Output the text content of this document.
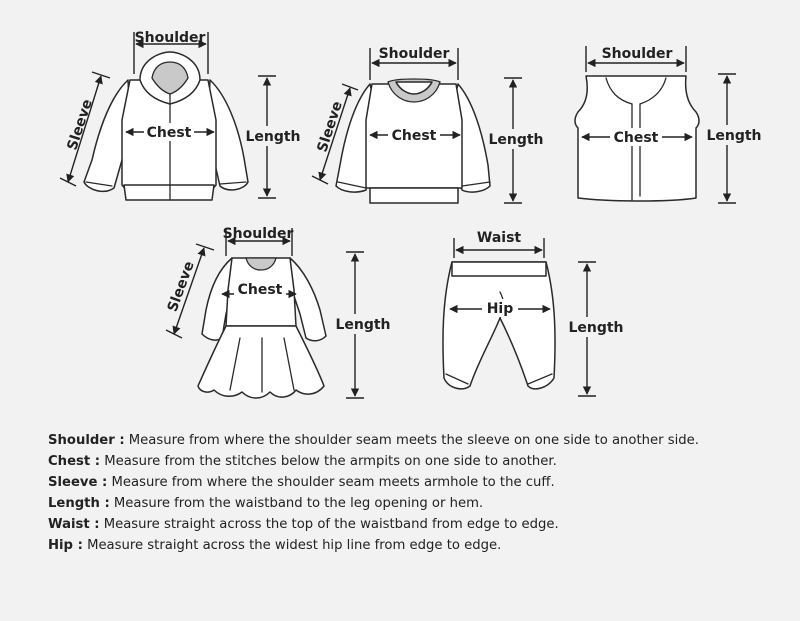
Shoulder
Chest
Sleeve	Length
Shoulder
Chest
Sleeve	Length
Shoulder
Chest	Length
Shoulder
Chest
Sleeve
Length
Waist
Hip
Length
Shoulder : Measure from where the shoulder seam meets the sleeve on one side to another side.
Chest : Measure from the stitches below the armpits on one side to another.
Sleeve : Measure from where the shoulder seam meets armhole to the cuff.
Length : Measure from the waistband to the leg opening or hem.
Waist : Measure straight across the top of the waistband from edge to edge.
Hip : Measure straight across the widest hip line from edge to edge.
